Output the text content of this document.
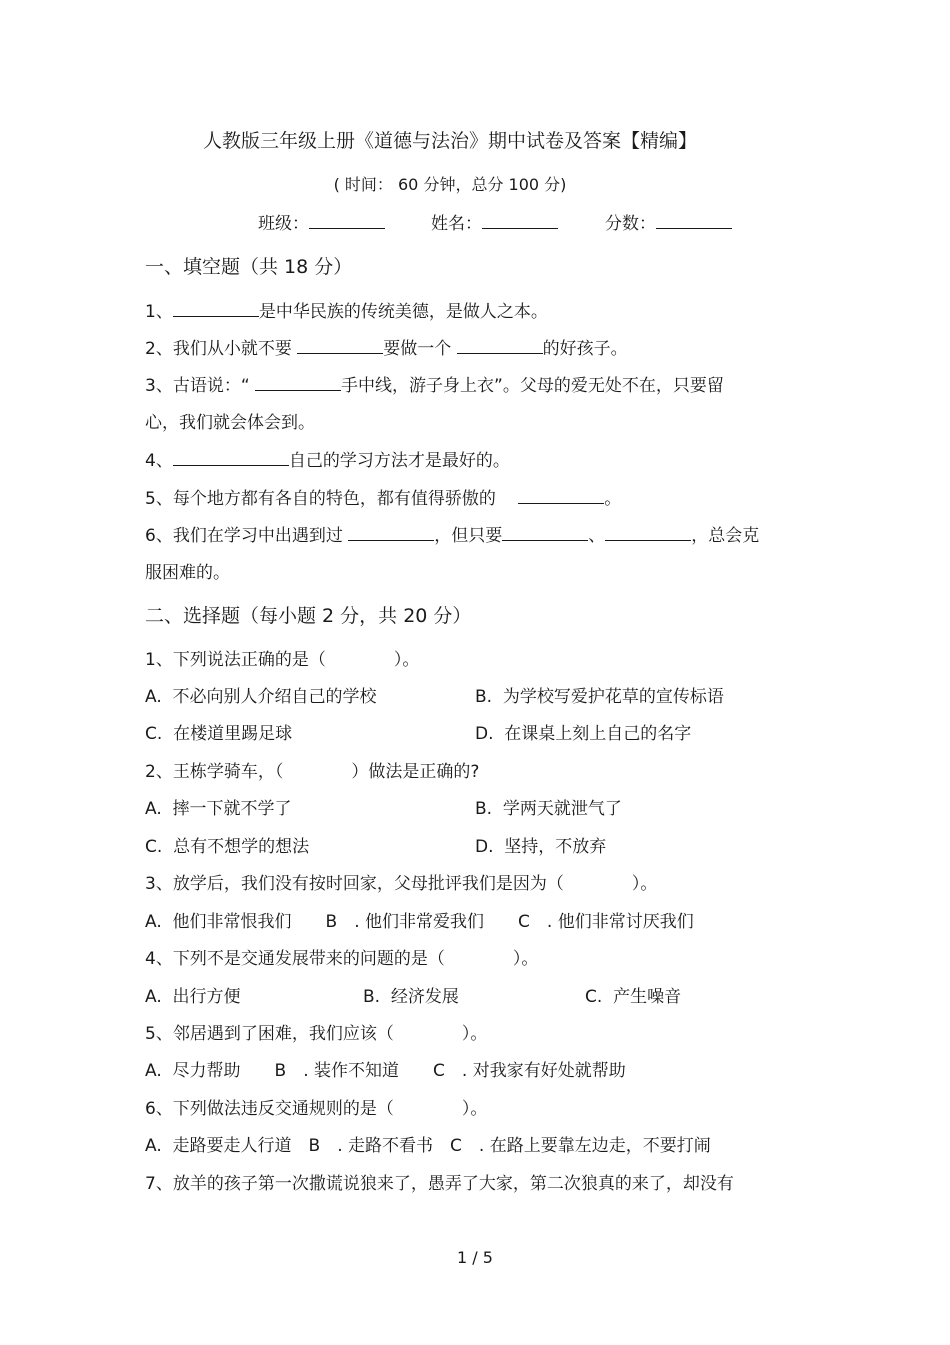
人教版三年级上册《道德与法治》期中试卷及答案【精编】
( 时间： 60 分钟，总分 100 分)
班级：	姓名：	分数：
一、填空题（共 18 分）
1、	是中华民族的传统美德，是做人之本。
2、我们从小就不要	要做一个	的好孩子。
3、古语说：“	手中线，游子身上衣”。父母的爱无处不在，只要留
心，我们就会体会到。
4、	自己的学习方法才是最好的。
5、每个地方都有各自的特色，都有值得骄傲的　	。
6、我们在学习中出遇到过	，但只要	、	，总会克
服困难的。
二、选择题（每小题 2 分，共 20 分）
1、下列说法正确的是（　　　　）。
A.  不必向别人介绍自己的学校	B.  为学校写爱护花草的宣传标语
C.  在楼道里踢足球	D.  在课桌上刻上自己的名字
2、王栋学骑车，（　　　　）做法是正确的?
A.  摔一下就不学了	B.  学两天就泄气了
C.  总有不想学的想法	D.  坚持，不放弃
3、放学后，我们没有按时回家，父母批评我们是因为（　　　　）。
A.  他们非常恨我们　　B　. 他们非常爱我们　　C　. 他们非常讨厌我们
4、下列不是交通发展带来的问题的是（　　　　）。
A.  出行方便	B.  经济发展	C.  产生噪音
5、邻居遇到了困难，我们应该（　　　　）。
A.  尽力帮助　　B　. 装作不知道　　C　. 对我家有好处就帮助
6、下列做法违反交通规则的是（　　　　）。
A.  走路要走人行道　B　. 走路不看书　C　. 在路上要靠左边走，不要打闹
7、放羊的孩子第一次撒谎说狼来了，愚弄了大家，第二次狼真的来了，却没有
1 / 5
